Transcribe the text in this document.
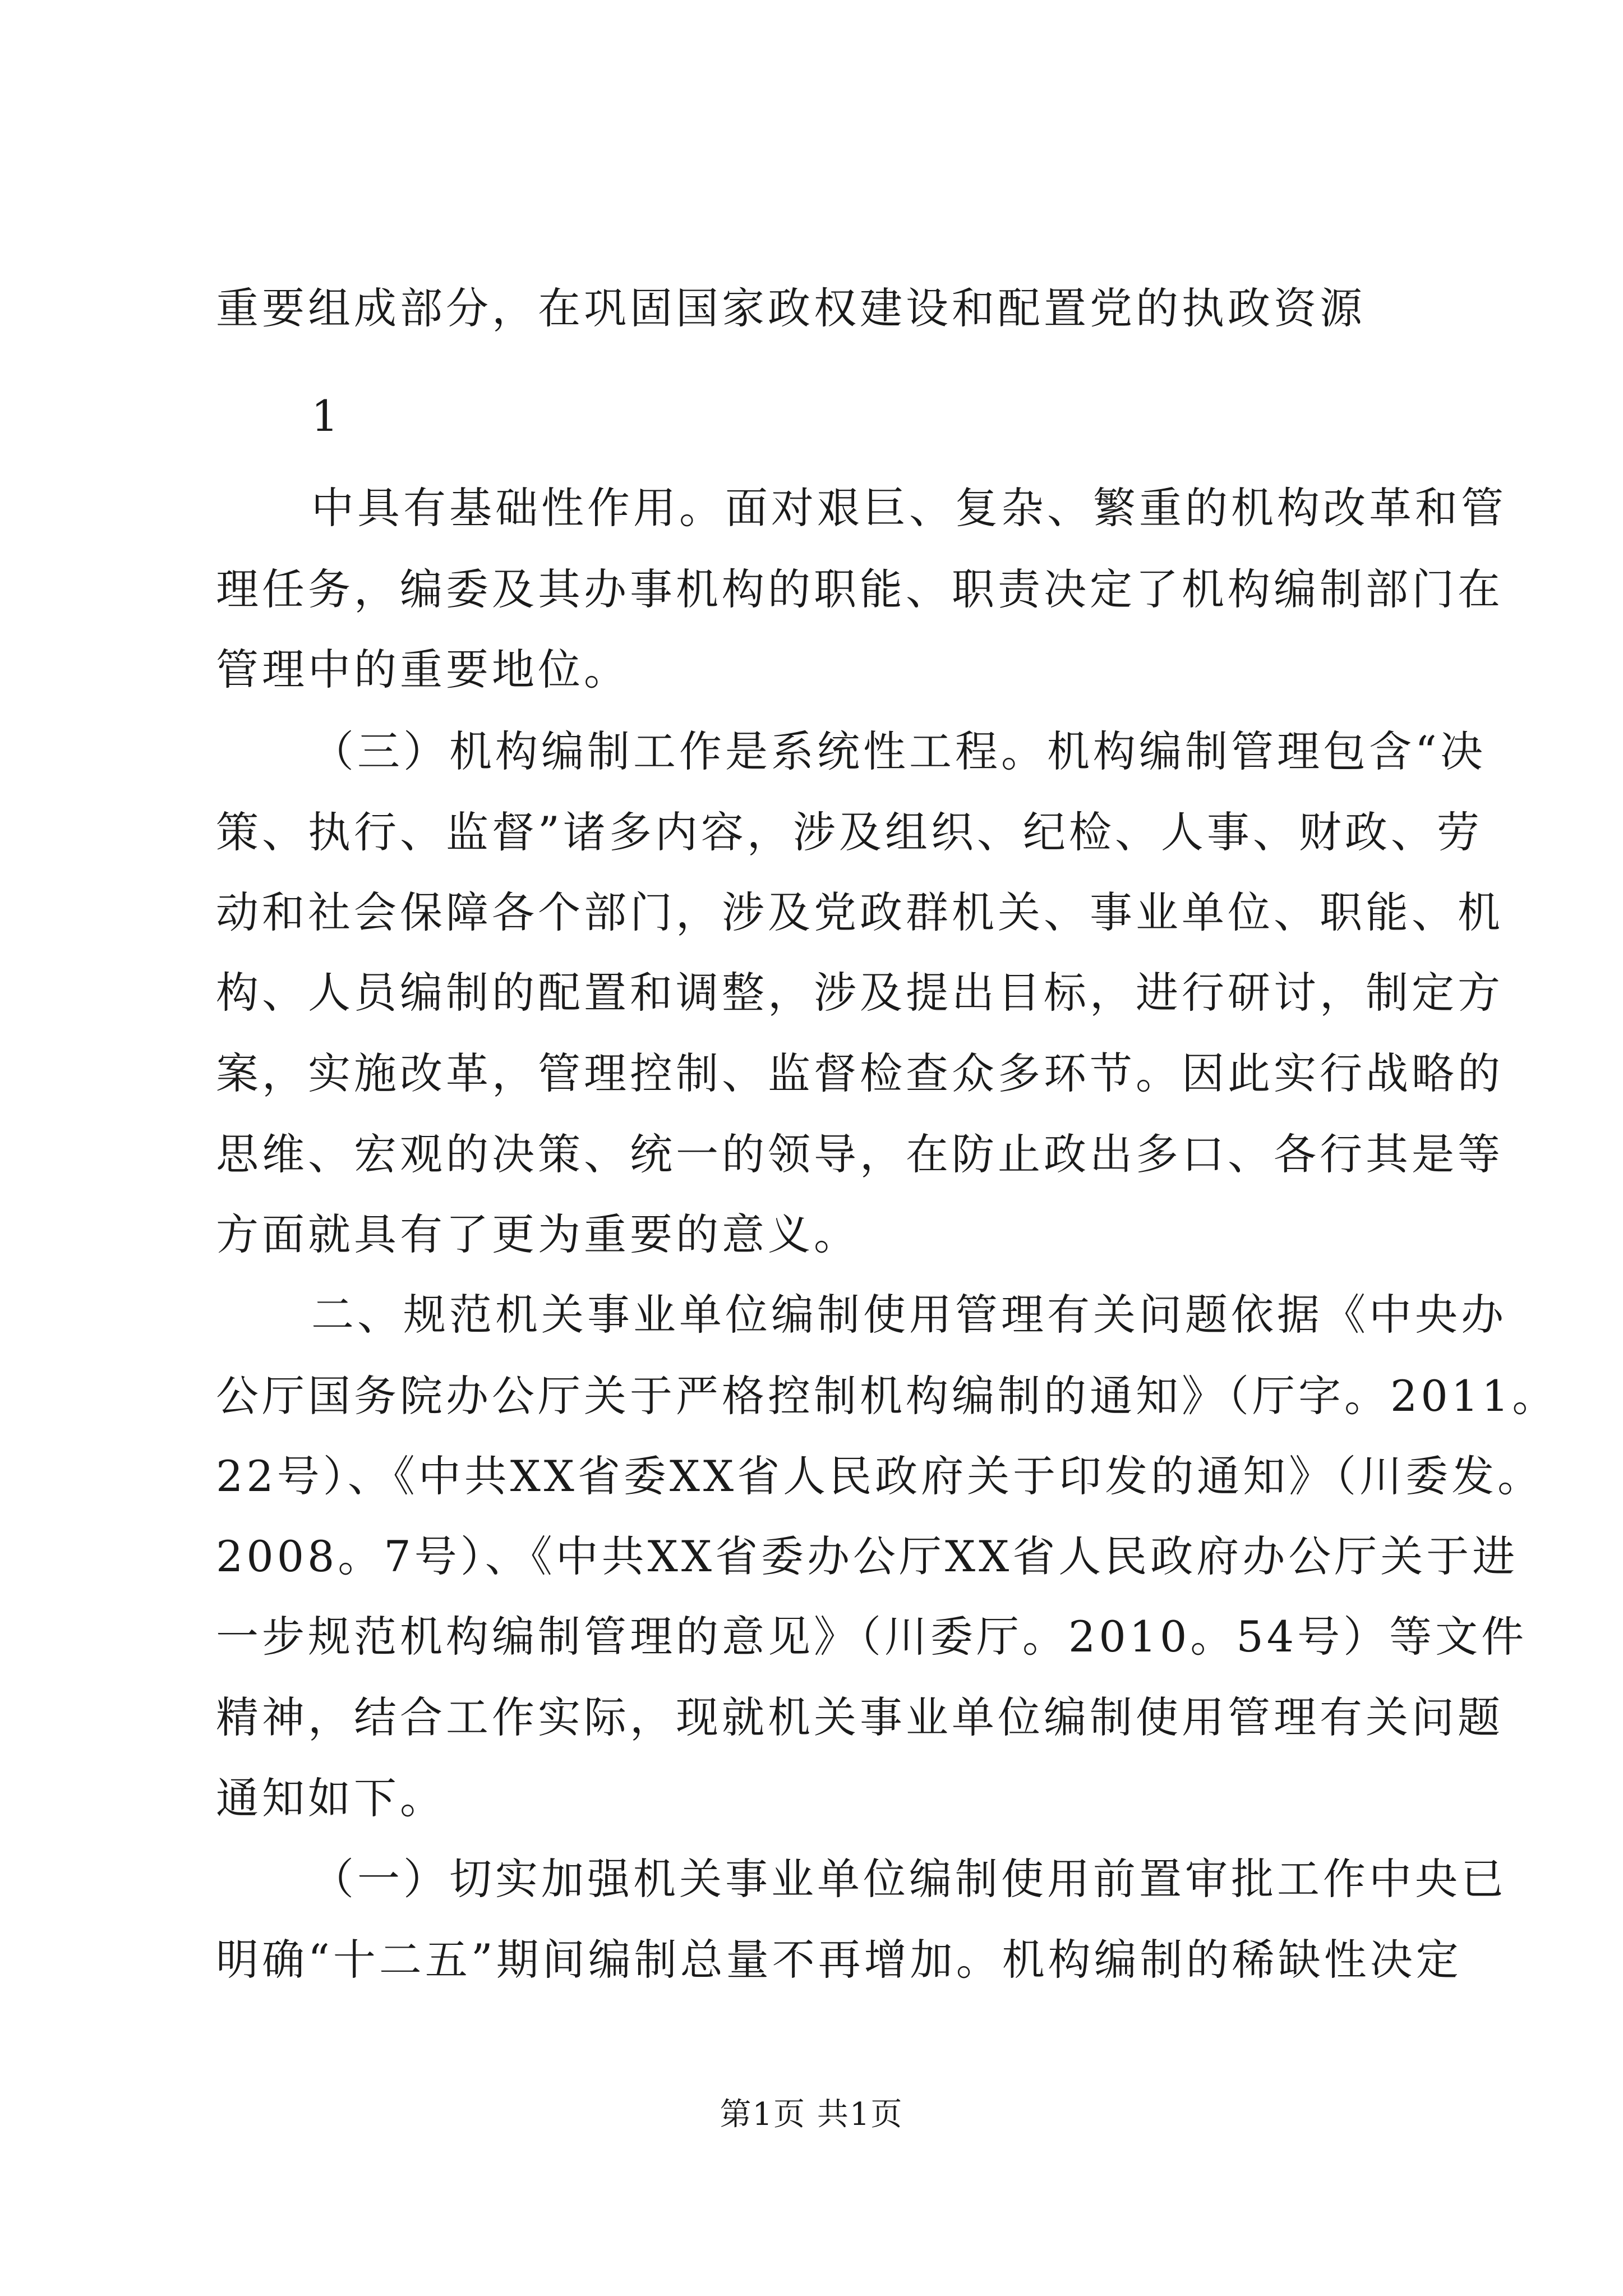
重要组成部分，在巩固国家政权建设和配置党的执政资源
1
中具有基础性作用。面对艰巨、复杂、繁重的机构改革和管
理任务，编委及其办事机构的职能、职责决定了机构编制部门在
管理中的重要地位。
（三）机构编制工作是系统性工程。机构编制管理包含“决
策、执行、监督”诸多内容，涉及组织、纪检、人事、财政、劳
动和社会保障各个部门，涉及党政群机关、事业单位、职能、机
构、人员编制的配置和调整，涉及提出目标，进行研讨，制定方
案，实施改革，管理控制、监督检查众多环节。因此实行战略的
思维、宏观的决策、统一的领导，在防止政出多口、各行其是等
方面就具有了更为重要的意义。
二、规范机关事业单位编制使用管理有关问题依据《中央办
公厅国务院办公厅关于严格控制机构编制的通知》（厅字。2011。
22号）、《中共XX省委XX省人民政府关于印发的通知》（川委发。
2008。7号）、《中共XX省委办公厅XX省人民政府办公厅关于进
一步规范机构编制管理的意见》（川委厅。2010。54号）等文件
精神，结合工作实际，现就机关事业单位编制使用管理有关问题
通知如下。
（一）切实加强机关事业单位编制使用前置审批工作中央已
明确“十二五”期间编制总量不再增加。机构编制的稀缺性决定
第1页 共1页
